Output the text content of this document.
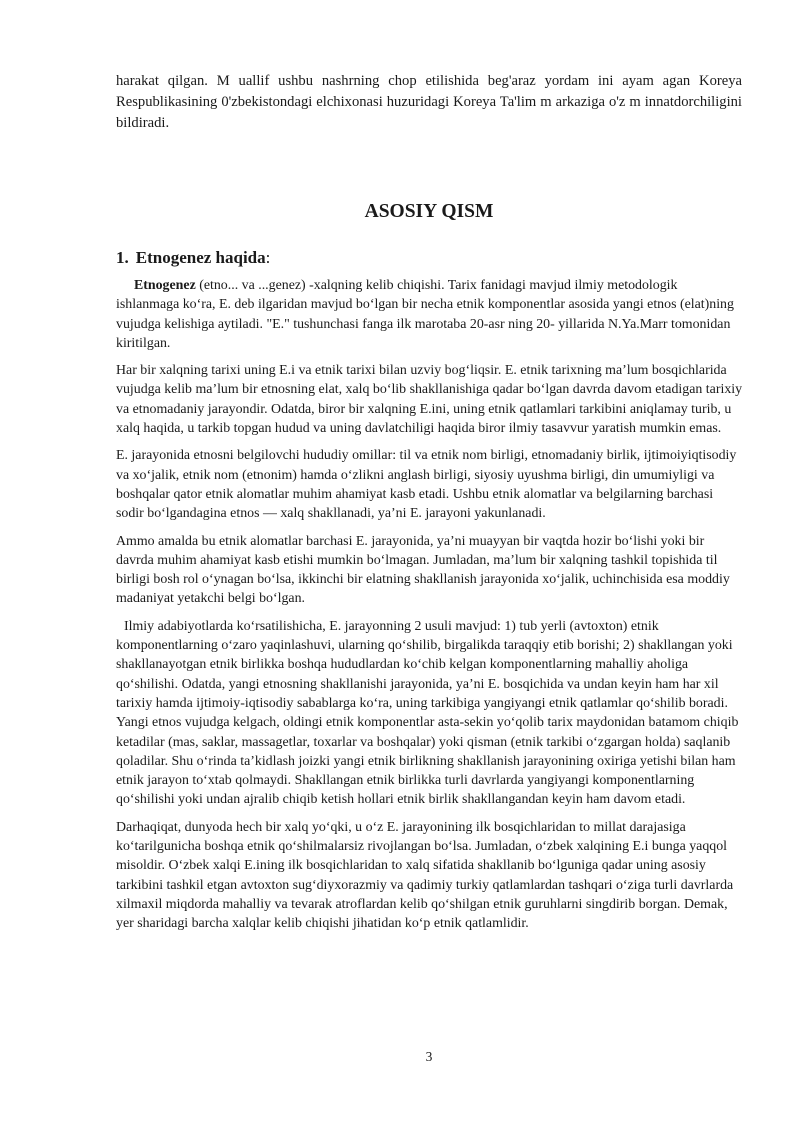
harakat qilgan. M uallif ushbu nashrning chop etilishida beg'araz yordam ini ayam agan Koreya Respublikasining 0'zbekistondagi elchixonasi huzuridagi Koreya Ta'lim m arkaziga o'z m innatdorchiligini bildiradi.

ASOSIY QISM
1. Etnogenez haqida:

Etnogenez (etno... va ...genez) -xalqning kelib chiqishi. Tarix fanidagi mavjud ilmiy metodologik ishlanmaga ko‘ra, E. deb ilgaridan mavjud bo‘lgan bir necha etnik komponentlar asosida yangi etnos (elat)ning vujudga kelishiga aytiladi. "E." tushunchasi fanga ilk marotaba 20-asr ning 20- yillarida N.Ya.Marr tomonidan kiritilgan.

Har bir xalqning tarixi uning E.i va etnik tarixi bilan uzviy bog‘liqsir. E. etnik tarixning ma’lum bosqichlarida vujudga kelib ma’lum bir etnosning elat, xalq bo‘lib shakllanishiga qadar bo‘lgan davrda davom etadigan tarixiy va etnomadaniy jarayondir. Odatda, biror bir xalqning E.ini, uning etnik qatlamlari tarkibini aniqlamay turib, u xalq haqida, u tarkib topgan hudud va uning davlatchiligi haqida biror ilmiy tasavvur yaratish mumkin emas.

E. jarayonida etnosni belgilovchi hududiy omillar: til va etnik nom birligi, etnomadaniy birlik, ijtimoiyiqtisodiy va xo‘jalik, etnik nom (etnonim) hamda o‘zlikni anglash birligi, siyosiy uyushma birligi, din umumiyligi va boshqalar qator etnik alomatlar muhim ahamiyat kasb etadi. Ushbu etnik alomatlar va belgilarning barchasi sodir bo‘lgandagina etnos — xalq shakllanadi, ya’ni E. jarayoni yakunlanadi.

Ammo amalda bu etnik alomatlar barchasi E. jarayonida, ya’ni muayyan bir vaqtda hozir bo‘lishi yoki bir davrda muhim ahamiyat kasb etishi mumkin bo‘lmagan. Jumladan, ma’lum bir xalqning tashkil topishida til birligi bosh rol o‘ynagan bo‘lsa, ikkinchi bir elatning shakllanish jarayonida xo‘jalik, uchinchisida esa moddiy madaniyat yetakchi belgi bo‘lgan.

Ilmiy adabiyotlarda ko‘rsatilishicha, E. jarayonning 2 usuli mavjud: 1) tub yerli (avtoxton) etnik komponentlarning o‘zaro yaqinlashuvi, ularning qo‘shilib, birgalikda taraqqiy etib borishi; 2) shakllangan yoki shakllanayotgan etnik birlikka boshqa hududlardan ko‘chib kelgan komponentlarning mahalliy aholiga qo‘shilishi. Odatda, yangi etnosning shakllanishi jarayonida, ya’ni E. bosqichida va undan keyin ham har xil tarixiy hamda ijtimoiy-iqtisodiy sabablarga ko‘ra, uning tarkibiga yangiyangi etnik qatlamlar qo‘shilib boradi. Yangi etnos vujudga kelgach, oldingi etnik komponentlar asta-sekin yo‘qolib tarix maydonidan batamom chiqib ketadilar (mas, saklar, massagetlar, toxarlar va boshqalar) yoki qisman (etnik tarkibi o‘zgargan holda) saqlanib qoladilar. Shu o‘rinda ta’kidlash joizki yangi etnik birlikning shakllanish jarayonining oxiriga yetishi bilan ham etnik jarayon to‘xtab qolmaydi. Shakllangan etnik birlikka turli davrlarda yangiyangi komponentlarning qo‘shilishi yoki undan ajralib chiqib ketish hollari etnik birlik shakllangandan keyin ham davom etadi.

Darhaqiqat, dunyoda hech bir xalq yo‘qki, u o‘z E. jarayonining ilk bosqichlaridan to millat darajasiga ko‘tarilgunicha boshqa etnik qo‘shilmalarsiz rivojlangan bo‘lsa. Jumladan, o‘zbek xalqining E.i bunga yaqqol misoldir. O‘zbek xalqi E.ining ilk bosqichlaridan to xalq sifatida shakllanib bo‘lguniga qadar uning asosiy tarkibini tashkil etgan avtoxton sug‘diyxorazmiy va qadimiy turkiy qatlamlardan tashqari o‘ziga turli davrlarda xilmaxil miqdorda mahalliy va tevarak atroflardan kelib qo‘shilgan etnik guruhlarni singdirib borgan. Demak, yer sharidagi barcha xalqlar kelib chiqishi jihatidan ko‘p etnik qatlamlidir.

3
